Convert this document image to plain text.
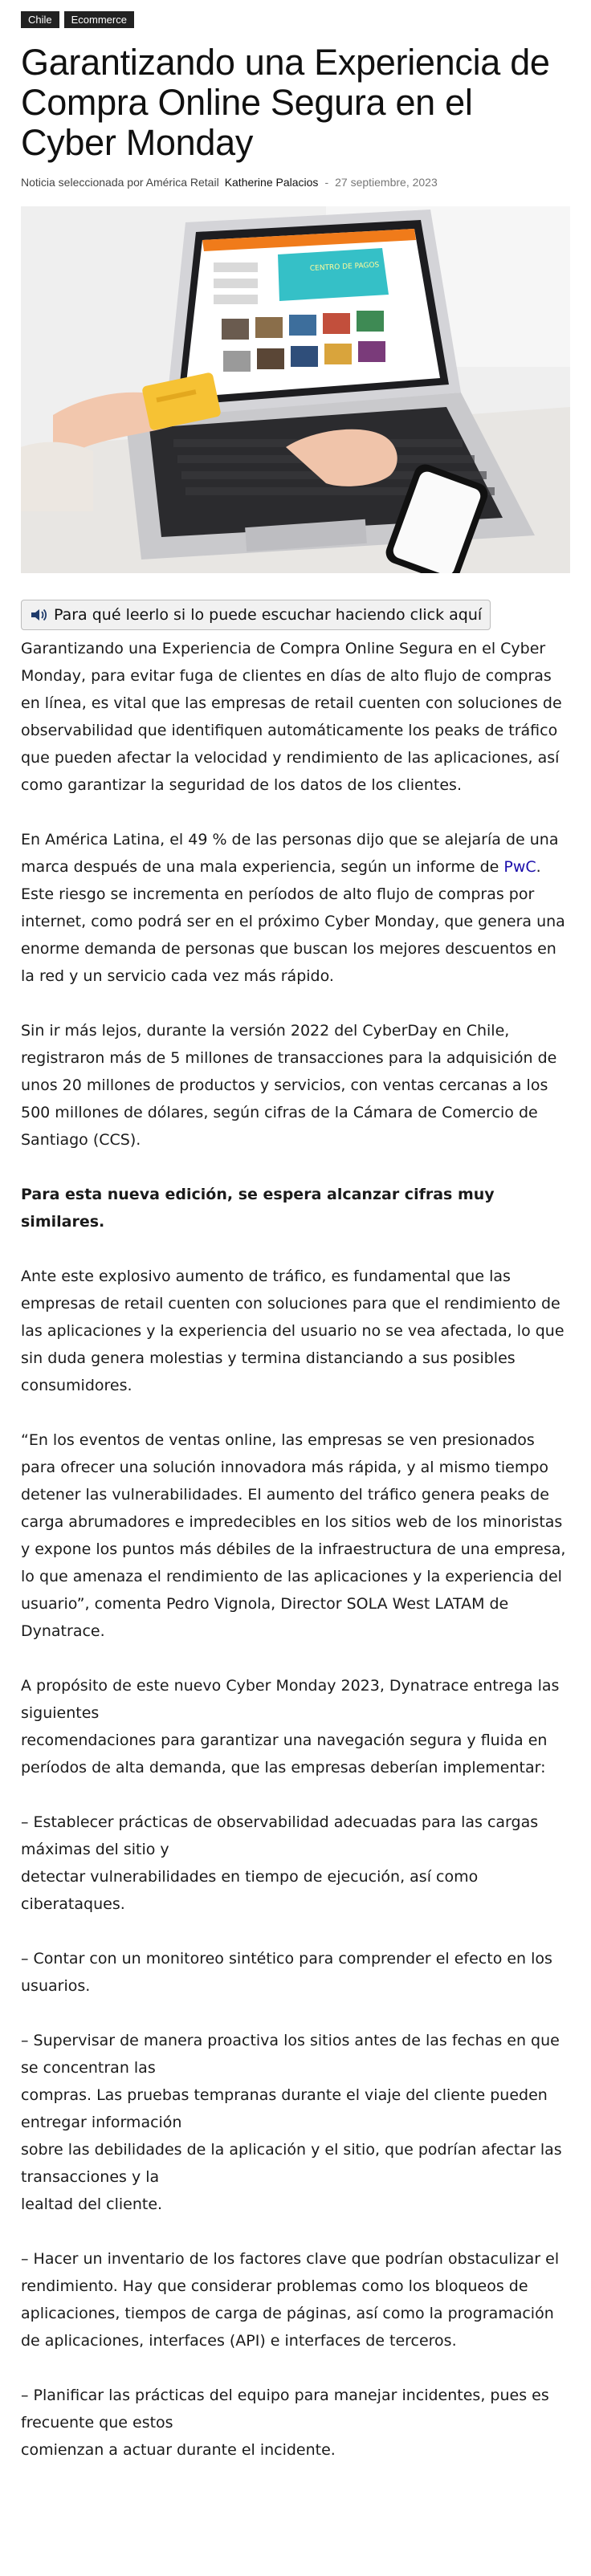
Chile	Ecommerce
Garantizando una Experiencia de Compra Online Segura en el Cyber Monday
Noticia seleccionada por América Retail Katherine Palacios - 27 septiembre, 2023
CENTRO DE PAGOS
Para qué leerlo si lo puede escuchar haciendo click aquí

Garantizando una Experiencia de Compra Online Segura en el Cyber Monday, para evitar fuga de clientes en días de alto flujo de compras en línea, es vital que las empresas de retail cuenten con soluciones de observabilidad que identifiquen automáticamente los peaks de tráfico que pueden afectar la velocidad y rendimiento de las aplicaciones, así como garantizar la seguridad de los datos de los clientes.

En América Latina, el 49 % de las personas dijo que se alejaría de una marca después de una mala experiencia, según un informe de PwC. Este riesgo se incrementa en períodos de alto flujo de compras por internet, como podrá ser en el próximo Cyber Monday, que genera una enorme demanda de personas que buscan los mejores descuentos en la red y un servicio cada vez más rápido.

Sin ir más lejos, durante la versión 2022 del CyberDay en Chile, registraron más de 5 millones de transacciones para la adquisición de unos 20 millones de productos y servicios, con ventas cercanas a los 500 millones de dólares, según cifras de la Cámara de Comercio de Santiago (CCS).

Para esta nueva edición, se espera alcanzar cifras muy similares.

Ante este explosivo aumento de tráfico, es fundamental que las empresas de retail cuenten con soluciones para que el rendimiento de las aplicaciones y la experiencia del usuario no se vea afectada, lo que sin duda genera molestias y termina distanciando a sus posibles consumidores.

“En los eventos de ventas online, las empresas se ven presionados para ofrecer una solución innovadora más rápida, y al mismo tiempo detener las vulnerabilidades. El aumento del tráfico genera peaks de carga abrumadores e impredecibles en los sitios web de los minoristas y expone los puntos más débiles de la infraestructura de una empresa, lo que amenaza el rendimiento de las aplicaciones y la experiencia del usuario”, comenta Pedro Vignola, Director SOLA West LATAM de Dynatrace.

A propósito de este nuevo Cyber Monday 2023, Dynatrace entrega las siguientes
recomendaciones para garantizar una navegación segura y fluida en períodos de alta demanda, que las empresas deberían implementar:

– Establecer prácticas de observabilidad adecuadas para las cargas máximas del sitio y
detectar vulnerabilidades en tiempo de ejecución, así como ciberataques.

– Contar con un monitoreo sintético para comprender el efecto en los usuarios.

– Supervisar de manera proactiva los sitios antes de las fechas en que se concentran las
compras. Las pruebas tempranas durante el viaje del cliente pueden entregar información
sobre las debilidades de la aplicación y el sitio, que podrían afectar las transacciones y la
lealtad del cliente.

– Hacer un inventario de los factores clave que podrían obstaculizar el rendimiento. Hay que considerar problemas como los bloqueos de aplicaciones, tiempos de carga de páginas, así como la programación de aplicaciones, interfaces (API) e interfaces de terceros.

– Planificar las prácticas del equipo para manejar incidentes, pues es frecuente que estos
comienzan a actuar durante el incidente.
